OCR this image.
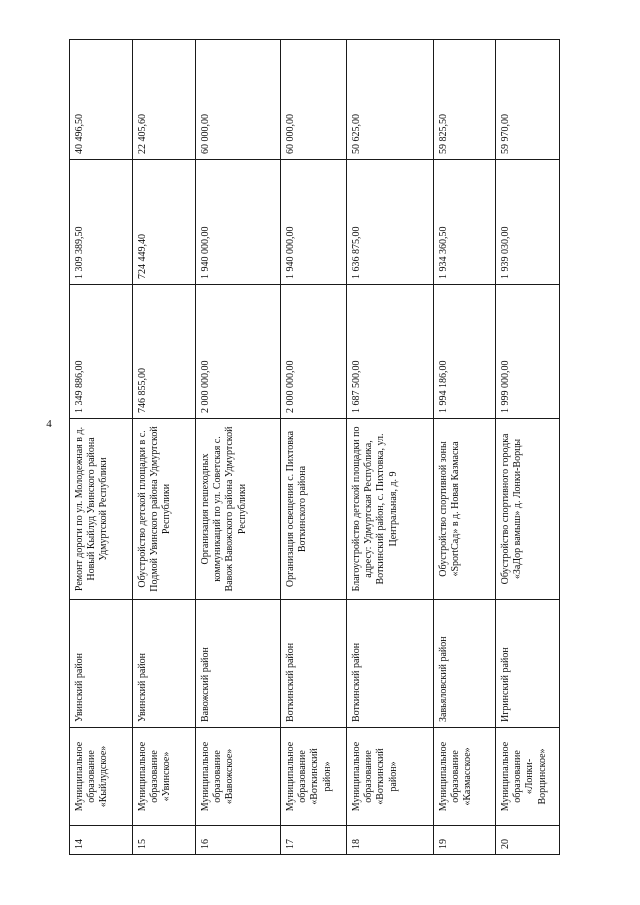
4
14	Муниципальное образование «Кыйлудское»	Увинский район	Ремонт дороги по ул. Молодежная в д. Новый Кыйлуд Увинского района Удмуртской Республики	1 349 886,00	1 309 389,50	40 496,50
15	Муниципальное образование «Увинское»	Увинский район	Обустройство детской площадки в с. Подмой Увинского района Удмуртской Республики	746 855,00	724 449,40	22 405,60
16	Муниципальное образование «Вавожское»	Вавожский район	Организация пешеходных коммуникаций по ул. Советская с. Вавож Вавожского района Удмуртской Республики	2 000 000,00	1 940 000,00	60 000,00
17	Муниципальное образование «Воткинский район»	Воткинский район	Организация освещения с. Пихтовка Воткинского района	2 000 000,00	1 940 000,00	60 000,00
18	Муниципальное образование «Воткинский район»	Воткинский район	Благоустройство детской площадки по адресу: Удмуртская Республика, Воткинский район, с. Пихтовка, ул. Центральная, д. 9	1 687 500,00	1 636 875,00	50 625,00
19	Муниципальное образование «Казмасское»	Завьяловский район	Обустройство спортивной зоны «SportСад» в д. Новая Казмаска	1 994 186,00	1 934 360,50	59 825,50
20	Муниципальное образование «Лонки-Ворцинское»	Игринский район	Обустройство спортивного городка «ЗаДор вамыш» д. Лонки-Ворцы	1 999 000,00	1 939 030,00	59 970,00
